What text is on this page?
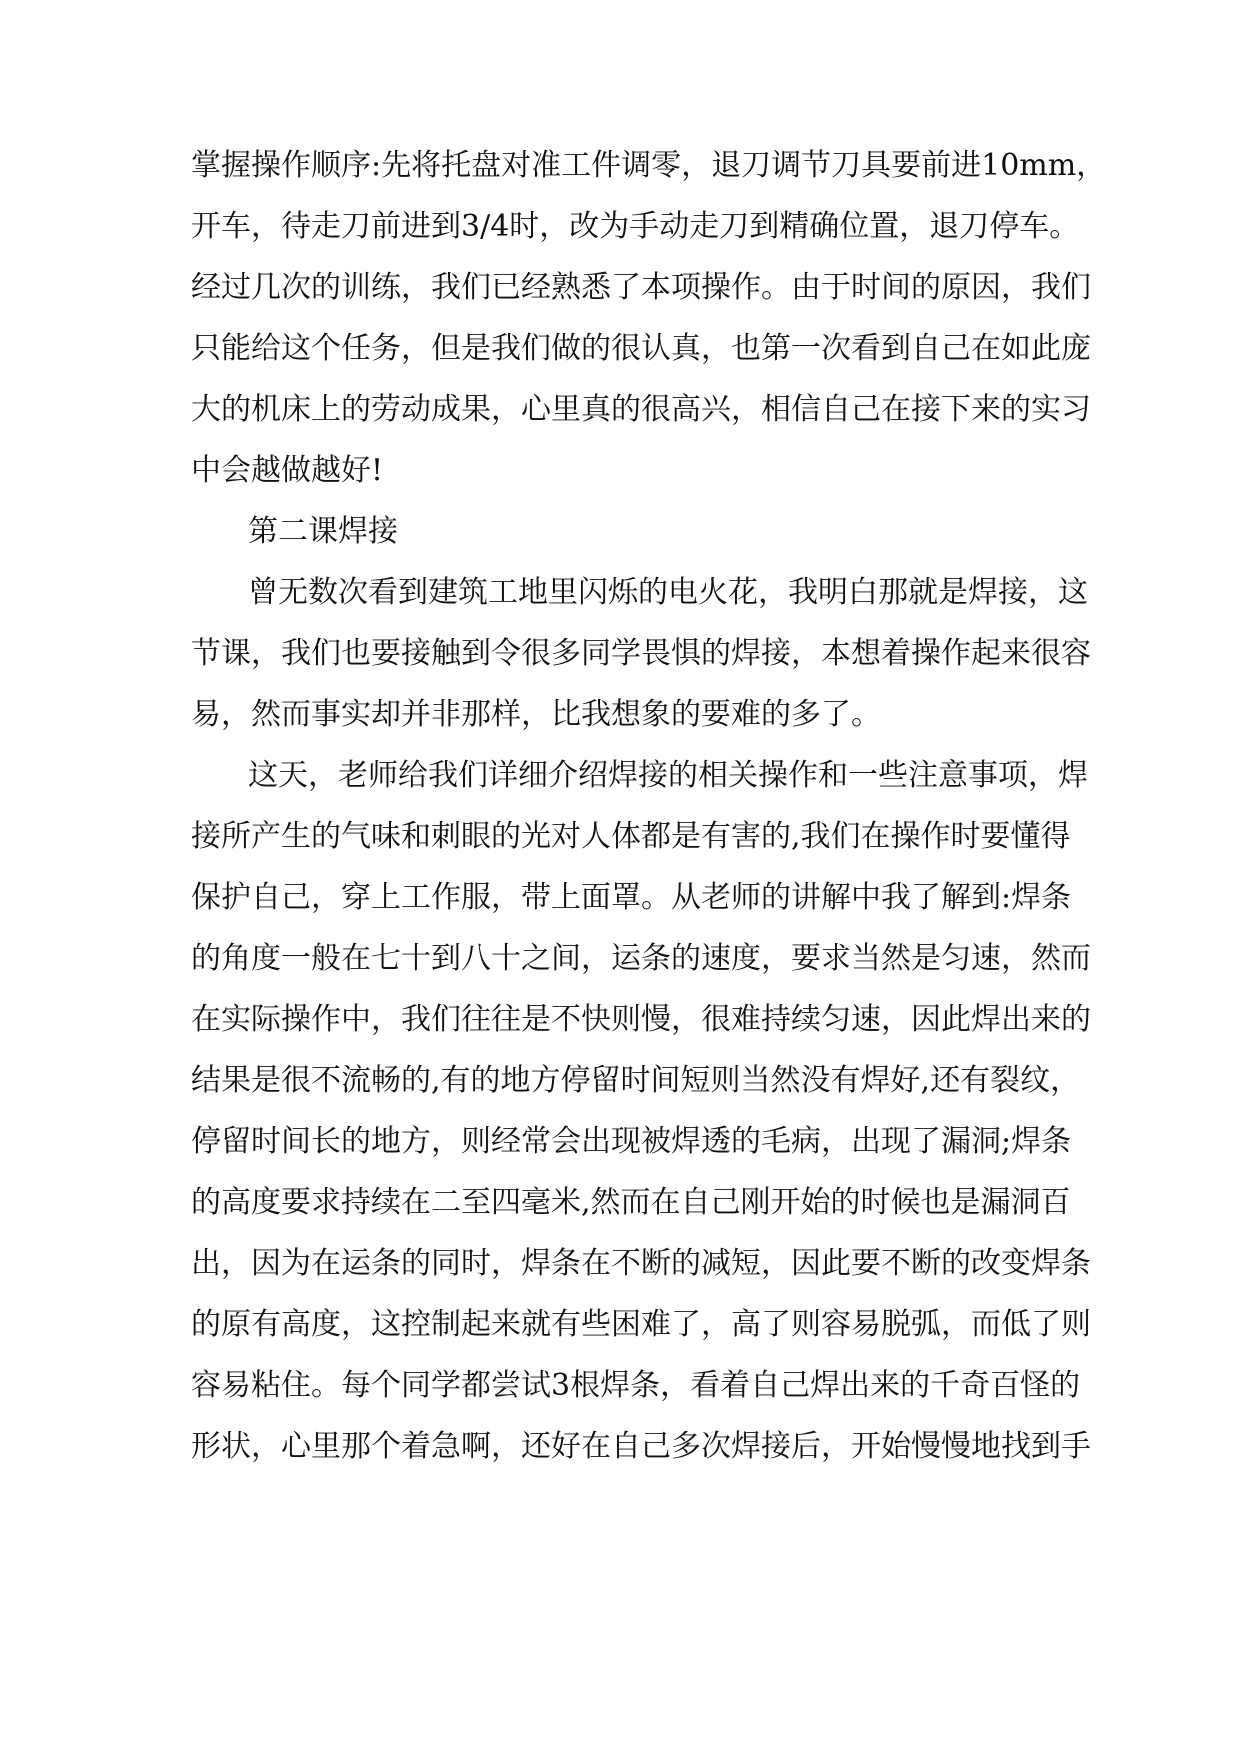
掌握操作顺序:先将托盘对准工件调零，退刀调节刀具要前进10mm，
开车，待走刀前进到3/4时，改为手动走刀到精确位置，退刀停车。
经过几次的训练，我们已经熟悉了本项操作。由于时间的原因，我们
只能给这个任务，但是我们做的很认真，也第一次看到自己在如此庞
大的机床上的劳动成果，心里真的很高兴，相信自己在接下来的实习
中会越做越好!
第二课焊接
曾无数次看到建筑工地里闪烁的电火花，我明白那就是焊接，这
节课，我们也要接触到令很多同学畏惧的焊接，本想着操作起来很容
易，然而事实却并非那样，比我想象的要难的多了。
这天，老师给我们详细介绍焊接的相关操作和一些注意事项，焊
接所产生的气味和刺眼的光对人体都是有害的,我们在操作时要懂得
保护自己，穿上工作服，带上面罩。从老师的讲解中我了解到:焊条
的角度一般在七十到八十之间，运条的速度，要求当然是匀速，然而
在实际操作中，我们往往是不快则慢，很难持续匀速，因此焊出来的
结果是很不流畅的,有的地方停留时间短则当然没有焊好,还有裂纹，
停留时间长的地方，则经常会出现被焊透的毛病，出现了漏洞;焊条
的高度要求持续在二至四毫米,然而在自己刚开始的时候也是漏洞百
出，因为在运条的同时，焊条在不断的减短，因此要不断的改变焊条
的原有高度，这控制起来就有些困难了，高了则容易脱弧，而低了则
容易粘住。每个同学都尝试3根焊条，看着自己焊出来的千奇百怪的
形状，心里那个着急啊，还好在自己多次焊接后，开始慢慢地找到手
